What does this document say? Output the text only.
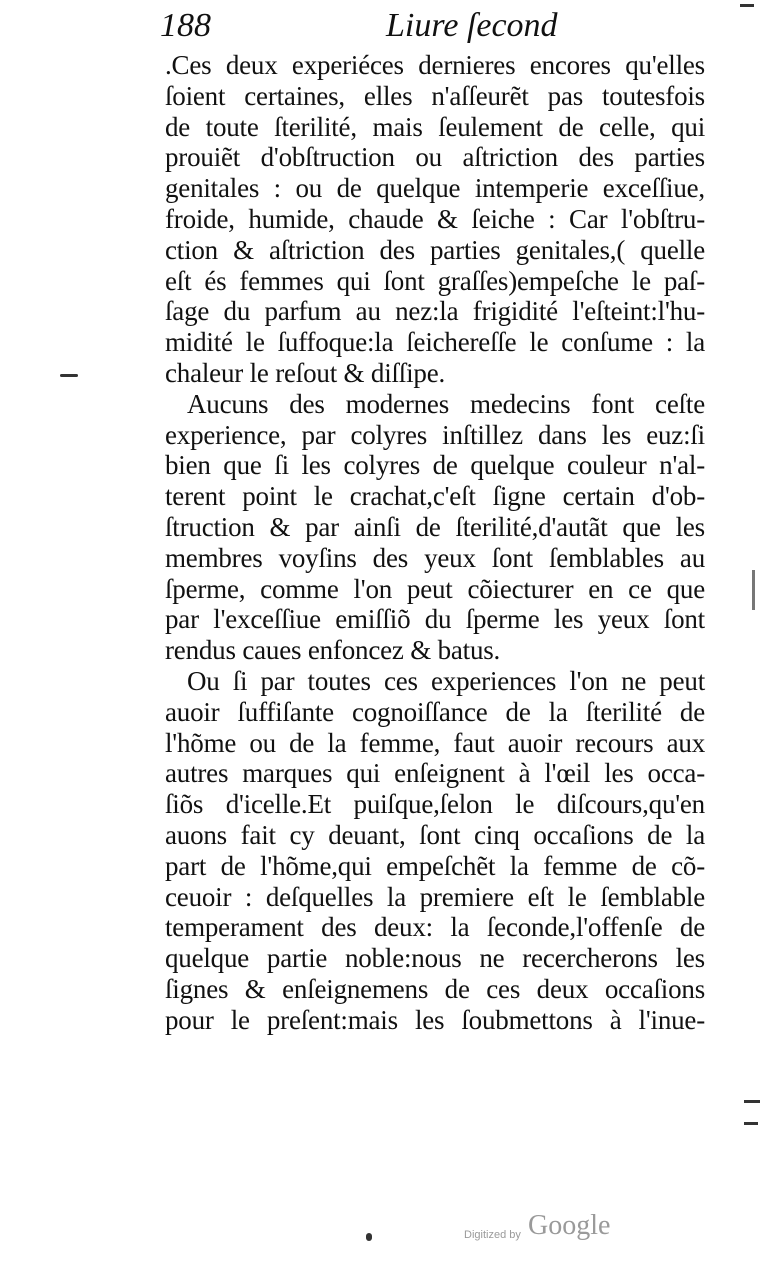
188	Liure ſecond
.Ces deux experiéces dernieres encores qu'elles
ſoient certaines, elles n'aſſeurẽt pas toutesfois
de toute ſterilité, mais ſeulement de celle, qui
prouiẽt d'obſtruction ou aſtriction des parties
genitales : ou de quelque intemperie exceſſiue,
froide, humide, chaude & ſeiche : Car l'obſtru-
ction & aſtriction des parties genitales,( quelle
eſt és femmes qui ſont graſſes)empeſche le paſ-
ſage du parfum au nez:la frigidité l'eſteint:l'hu-
midité le ſuffoque:la ſeichereſſe le conſume : la
chaleur le reſout & diſſipe.
Aucuns des modernes medecins font ceſte
experience, par colyres inſtillez dans les euz:ſi
bien que ſi les colyres de quelque couleur n'al-
terent point le crachat,c'eſt ſigne certain d'ob-
ſtruction & par ainſi de ſterilité,d'autãt que les
membres voyſins des yeux ſont ſemblables au
ſperme, comme l'on peut cõiecturer en ce que
par l'exceſſiue emiſſiõ du ſperme les yeux ſont
rendus caues enfoncez & batus.
Ou ſi par toutes ces experiences l'on ne peut
auoir ſuffiſante cognoiſſance de la ſterilité de
l'hõme ou de la femme, faut auoir recours aux
autres marques qui enſeignent à l'œil les occa-
ſiõs d'icelle.Et puiſque,ſelon le diſcours,qu'en
auons fait cy deuant, ſont cinq occaſions de la
part de l'hõme,qui empeſchẽt la femme de cõ-
ceuoir : deſquelles la premiere eſt le ſemblable
temperament des deux: la ſeconde,l'offenſe de
quelque partie noble:nous ne recercherons les
ſignes & enſeignemens de ces deux occaſions
pour le preſent:mais les ſoubmettons à l'inue-
Digitized by Google
